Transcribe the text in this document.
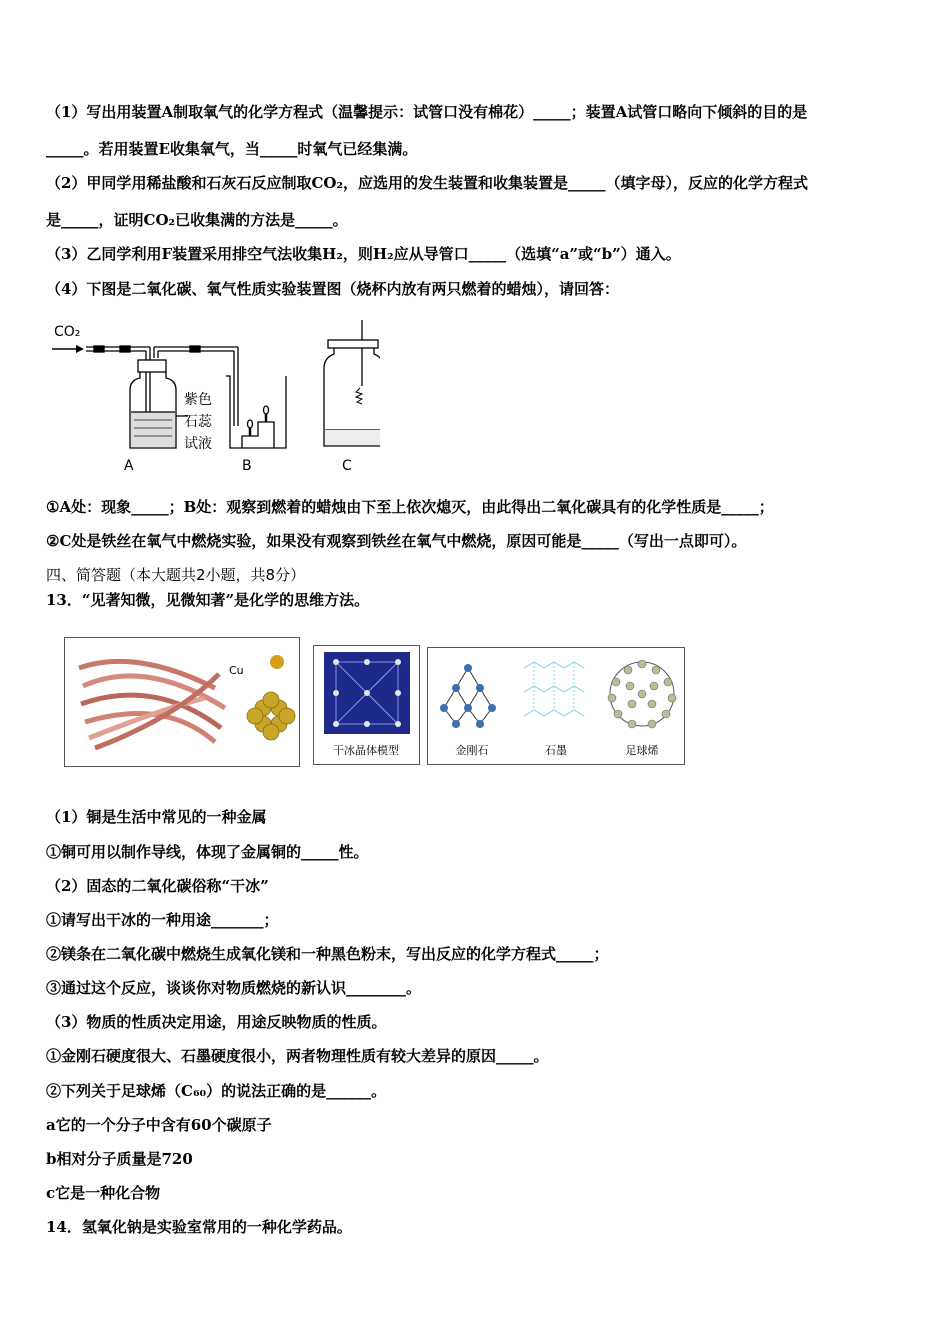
（1）写出用装置A制取氧气的化学方程式（温馨提示：试管口没有棉花）_____；装置A试管口略向下倾斜的目的是
_____。若用装置E收集氧气，当_____时氧气已经集满。
（2）甲同学用稀盐酸和石灰石反应制取CO₂，应选用的发生装置和收集装置是_____（填字母），反应的化学方程式
是_____，证明CO₂已收集满的方法是_____。
（3）乙同学利用F装置采用排空气法收集H₂，则H₂应从导管口_____（选填“a”或“b”）通入。
（4）下图是二氧化碳、氧气性质实验装置图（烧杯内放有两只燃着的蜡烛），请回答：
CO₂
紫色
石蕊
试液
A	B	C
①A处：现象_____；B处：观察到燃着的蜡烛由下至上依次熄灭，由此得出二氧化碳具有的化学性质是_____；
②C处是铁丝在氧气中燃烧实验，如果没有观察到铁丝在氧气中燃烧，原因可能是_____（写出一点即可）。
四、简答题（本大题共2小题，共8分）
13．“见著知微，见微知著”是化学的思维方法。
Cu
干冰晶体模型	金刚石	石墨	足球烯
（1）铜是生活中常见的一种金属
①铜可用以制作导线，体现了金属铜的_____性。
（2）固态的二氧化碳俗称“干冰”
①请写出干冰的一种用途_______；
②镁条在二氧化碳中燃烧生成氧化镁和一种黑色粉末，写出反应的化学方程式_____；
③通过这个反应，谈谈你对物质燃烧的新认识________。
（3）物质的性质决定用途，用途反映物质的性质。
①金刚石硬度很大、石墨硬度很小，两者物理性质有较大差异的原因_____。
②下列关于足球烯（C₆₀）的说法正确的是______。
a它的一个分子中含有60个碳原子
b相对分子质量是720
c它是一种化合物
14．氢氧化钠是实验室常用的一种化学药品。
